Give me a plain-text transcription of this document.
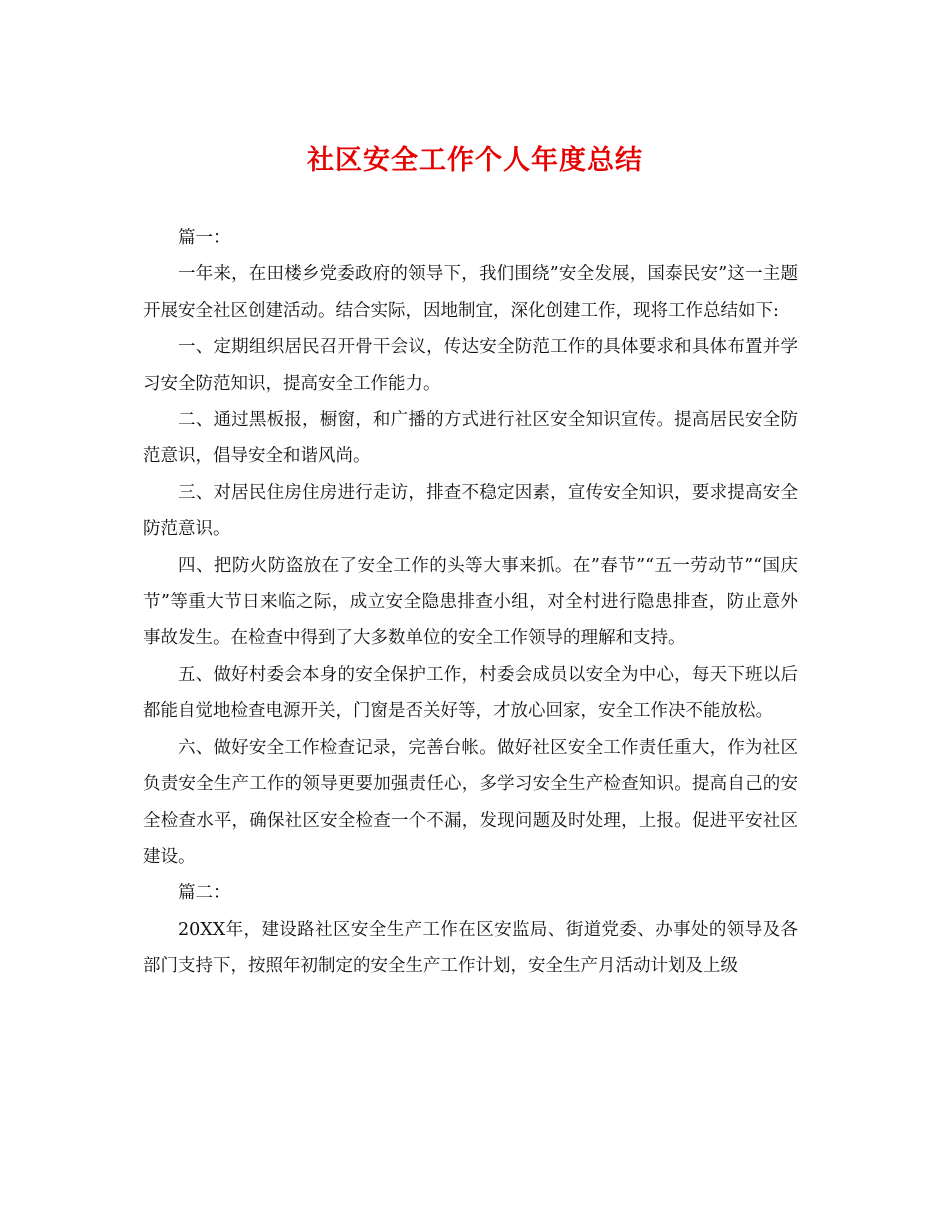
社区安全工作个人年度总结

篇一：

一年来，在田楼乡党委政府的领导下，我们围绕”安全发展，国泰民安”这一主题开展安全社区创建活动。结合实际，因地制宜，深化创建工作，现将工作总结如下:

一、定期组织居民召开骨干会议，传达安全防范工作的具体要求和具体布置并学习安全防范知识，提高安全工作能力。

二、通过黑板报，橱窗，和广播的方式进行社区安全知识宣传。提高居民安全防范意识，倡导安全和谐风尚。

三、对居民住房住房进行走访，排查不稳定因素，宣传安全知识，要求提高安全防范意识。

四、把防火防盗放在了安全工作的头等大事来抓。在”春节”“五一劳动节”“国庆节”等重大节日来临之际，成立安全隐患排查小组，对全村进行隐患排查，防止意外事故发生。在检查中得到了大多数单位的安全工作领导的理解和支持。

五、做好村委会本身的安全保护工作，村委会成员以安全为中心，每天下班以后都能自觉地检查电源开关，门窗是否关好等，才放心回家，安全工作决不能放松。

六、做好安全工作检查记录，完善台帐。做好社区安全工作责任重大，作为社区负责安全生产工作的领导更要加强责任心，多学习安全生产检查知识。提高自己的安全检查水平，确保社区安全检查一个不漏，发现问题及时处理，上报。促进平安社区建设。

篇二：

20XX年，建设路社区安全生产工作在区安监局、街道党委、办事处的领导及各部门支持下，按照年初制定的安全生产工作计划，安全生产月活动计划及上级
